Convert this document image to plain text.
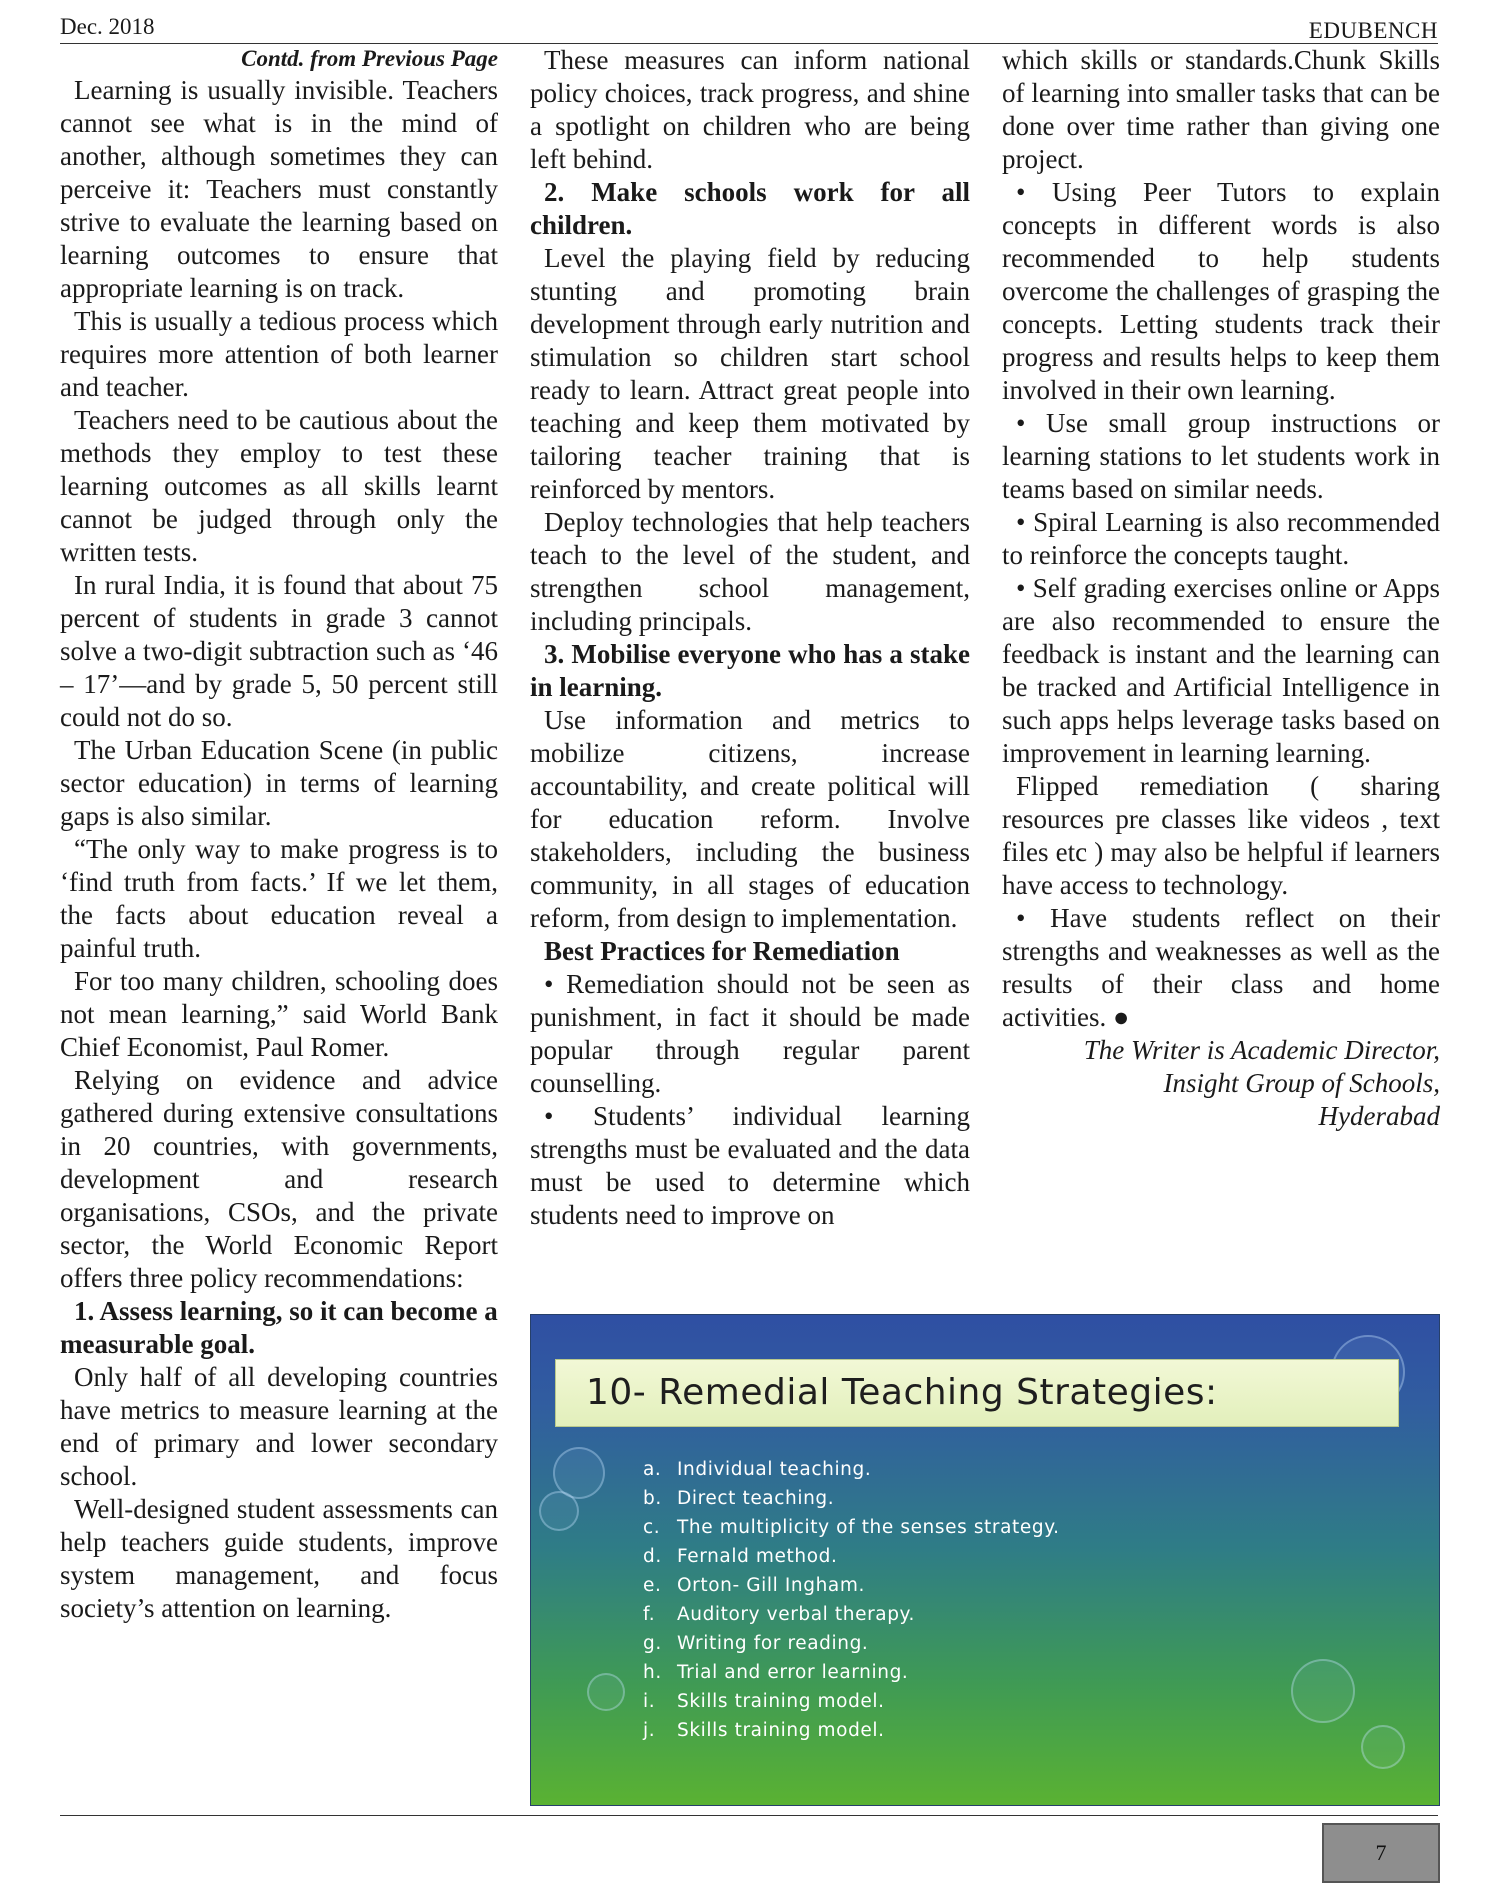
Dec. 2018	EDUBENCH

Contd. from Previous Page

Learning is usually invisible. Teachers cannot see what is in the mind of another, although sometimes they can perceive it: Teachers must constantly strive to evaluate the learning based on learning outcomes to ensure that appropriate learning is on track.

This is usually a tedious process which requires more attention of both learner and teacher.

Teachers need to be cautious about the methods they employ to test these learning outcomes as all skills learnt cannot be judged through only the written tests.

In rural India, it is found that about 75 percent of students in grade 3 cannot solve a two-digit subtraction such as ‘46 – 17’—and by grade 5, 50 percent still could not do so.

The Urban Education Scene (in public sector education) in terms of learning gaps is also similar.

“The only way to make progress is to ‘find truth from facts.’ If we let them, the facts about education reveal a painful truth.

For too many children, schooling does not mean learning,” said World Bank Chief Economist, Paul Romer.

Relying on evidence and advice gathered during extensive consultations in 20 countries, with governments, development and research organisations, CSOs, and the private sector, the World Economic Report offers three policy recommendations:

1. Assess learning, so it can become a measurable goal.

Only half of all developing countries have metrics to measure learning at the end of primary and lower secondary school.

Well-designed student assessments can help teachers guide students, improve system management, and focus society’s attention on learning.

These measures can inform national policy choices, track progress, and shine a spotlight on children who are being left behind.

2. Make schools work for all children.

Level the playing field by reducing stunting and promoting brain development through early nutrition and stimulation so children start school ready to learn. Attract great people into teaching and keep them motivated by tailoring teacher training that is reinforced by mentors.

Deploy technologies that help teachers teach to the level of the student, and strengthen school management, including principals.

3. Mobilise everyone who has a stake in learning.

Use information and metrics to mobilize citizens, increase accountability, and create political will for education reform. Involve stakeholders, including the business community, in all stages of education reform, from design to implementation.

Best Practices for Remediation

• Remediation should not be seen as punishment, in fact it should be made popular through regular parent counselling.

• Students’ individual learning strengths must be evaluated and the data must be used to determine which students need to improve on

which skills or standards.Chunk Skills of learning into smaller tasks that can be done over time rather than giving one project.

• Using Peer Tutors to explain concepts in different words is also recommended to help students overcome the challenges of grasping the concepts. Letting students track their progress and results helps to keep them involved in their own learning.

• Use small group instructions or learning stations to let students work in teams based on similar needs.

• Spiral Learning is also recommended to reinforce the concepts taught.

• Self grading exercises online or Apps are also recommended to ensure the feedback is instant and the learning can be tracked and Artificial Intelligence in such apps helps leverage tasks based on improvement in learning learning.

Flipped remediation ( sharing resources pre classes like videos , text files etc ) may also be helpful if learners have access to technology.

• Have students reflect on their strengths and weaknesses as well as the results of their class and home activities. ●

The Writer is Academic Director,

Insight Group of Schools,

Hyderabad

10- Remedial Teaching Strategies:
a. Individual teaching.
b. Direct teaching.
c. The multiplicity of the senses strategy.
d. Fernald method.
e. Orton- Gill Ingham.
f. Auditory verbal therapy.
g. Writing for reading.
h. Trial and error learning.
i. Skills training model.
j. Skills training model.
7
